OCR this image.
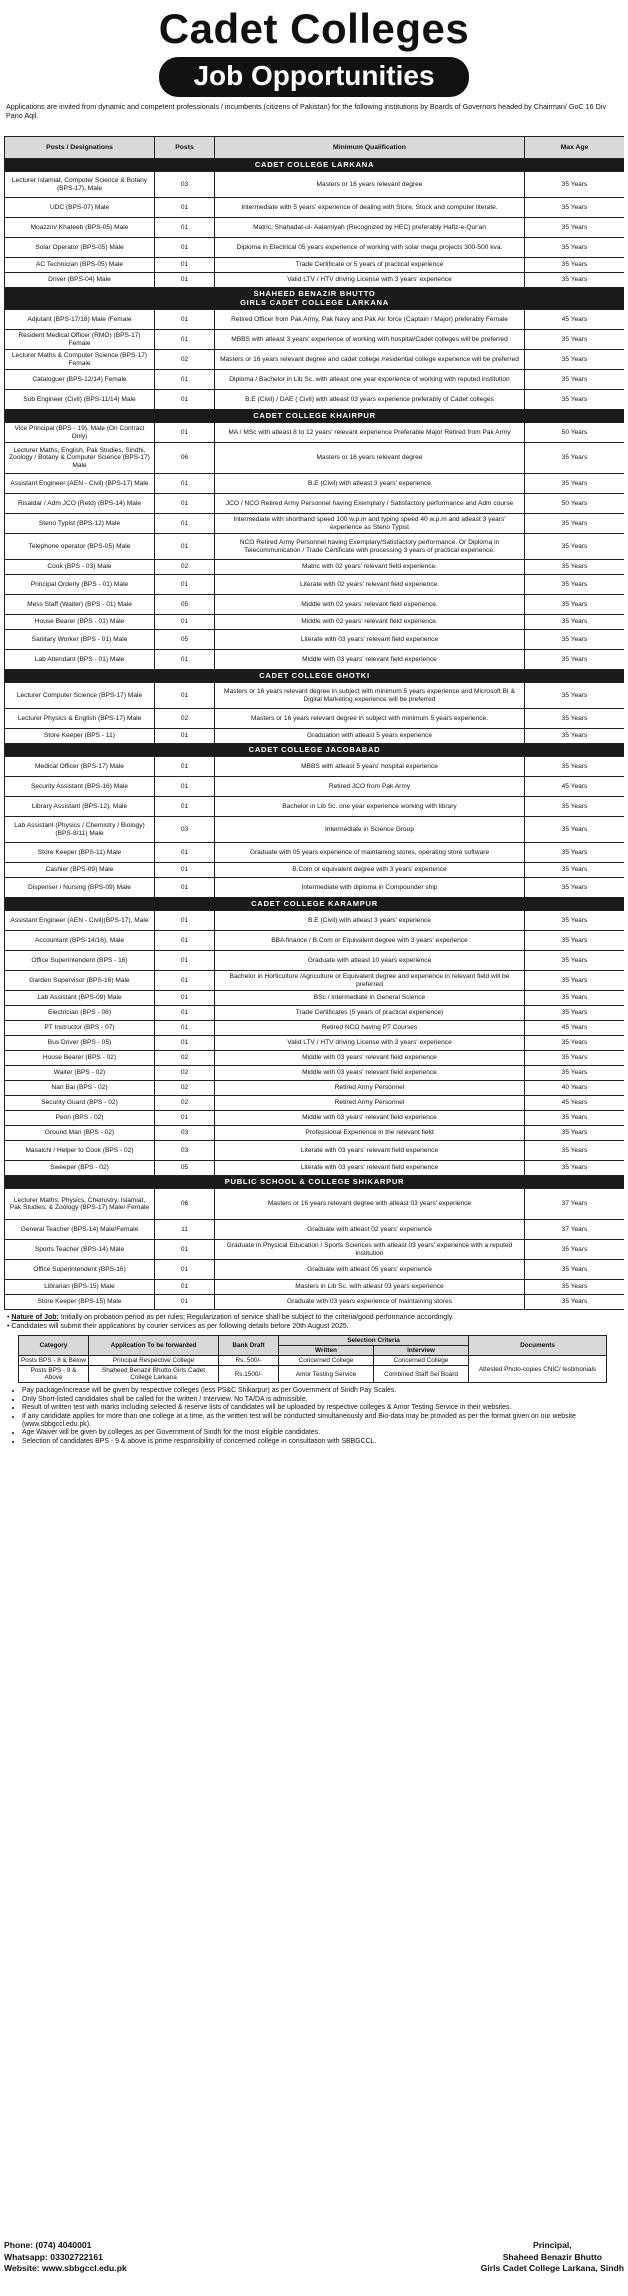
Cadet Colleges
Job Opportunities
Applications are invited from dynamic and competent professionals / incumbents (citizens of Pakistan) for the following institutions by Boards of Governors headed by Chairman/ GoC 16 Div Pano Aqil.
Posts / Designations	Posts	Minimum Qualification	Max Age

CADET COLLEGE LARKANA			

Lecturer Islamiat, Computer Science & Botany (BPS-17), Male	03	Masters or 16 years relevant degree	35 Years
UDC (BPS-07) Male	01	Intermediate with 5 years' experience of dealing with Store, Stock and computer literate.	35 Years
Moazzin/ Khateeb (BPS-05) Male	01	Matric, Shahadat-ul- Aalamiyah (Recognized by HEC) preferably Hafiz-e-Qur'an	35 Years
Solar Operator (BPS-05) Male	01	Diploma in Electrical 05 years experience of working with solar mega projects 300-500 kva.	35 Years
AC Technician (BPS-05) Male	01	Trade Certificate or 5 years of practical experience	35 Years
Driver (BPS-04) Male	01	Valid LTV / HTV driving License with 3 years' experience	35 Years

SHAHEED BENAZIR BHUTTO
GIRLS CADET COLLEGE LARKANA			

Adjutant (BPS-17/18) Male /Female	01	Retired Officer from Pak Army, Pak Navy and Pak Air force (Captain / Major) preferably Female	45 Years
Resident Medical Officer (RMO) (BPS-17) Female	01	MBBS with atleast 3 years' experience of working with hospital/Cadet colleges will be preferred	35 Years
Lecturer Maths & Computer Science (BPS-17) Female	02	Masters or 16 years relevant degree and cadet college /residential college experience will be preferred	35 Years
Cataloguer (BPS-12/14) Female	01	Diploma / Bachelor in Lib Sc. with atleast one year experience of working with reputed institution	35 Years
Sub Engineer (Civil) (BPS-11/14) Male	01	B.E (Civil) / DAE ( Civil) with atleast 03 years experience preferably of Cadet colleges	35 Years

CADET COLLEGE KHAIRPUR			

Vice Principal (BPS - 19), Male (On Contract Only)	01	MA / MSc with atleast 8 to 12 years' relevant experience Preferable Major Retired from Pak Army	50 Years
Lecturer Maths, English, Pak Studies, Sindhi, Zoology / Botany & Computer Science (BPS-17) Male	06	Masters or 16 years relevant degree	35 Years
Assistant Engineer (AEN - Civil) (BPS-17) Male	01	B.E (Civil) with atleast 3 years' experience	35 Years
Risaldar / Adm JCO (Retd) (BPS-14) Male	01	JCO / NCO Retired Army Personnel having Exemplary / Satisfactory performance and Adm course	50 Years
Steno Typist (BPS-12) Male	01	Intermediate with shorthand speed 100 w.p.m and typing speed 40 w.p.m and atleast 3 years' experience as Steno Typist	35 Years
Telephone operator (BPS-05) Male	01	NCO Retired Army Personnel having Exemplary/Satisfactory performance. Or Diploma in Telecommunication / Trade Certificate with processing 3 years of practical experience.	35 Years
Cook (BPS - 03) Male	02	Matric with 02 years' relevant field experience.	35 Years
Principal Orderly (BPS - 01) Male	01	Literate with 02 years' relevant field experience.	35 Years
Mess Staff (Waiter) (BPS - 01) Male	05	Middle with 02 years' relevant field experience.	35 Years
House Bearer (BPS - 01) Male	01	Middle with 02 years' relevant field experience.	35 Years
Sanitary Worker (BPS - 01) Male	05	Literate with 03 years' relevant field experience	35 Years
Lab Attendant (BPS - 01) Male	01	Middle with 03 years' relevant field experience	35 Years

CADET COLLEGE GHOTKI			

Lecturer Computer Science (BPS-17) Male	01	Masters or 16 years relevant degree in subject with minimum 5 years experience and Microsoft BI & Digital Marketing experience will be preferred	35 Years
Lecturer Physics & English (BPS-17) Male	02	Masters or 16 years relevant degree in subject with minimum 5 years experience.	35 Years
Store Keeper (BPS - 11)	01	Graduation with atleast 5 years experience	35 Years

CADET COLLEGE JACOBABAD			

Medical Officer (BPS-17) Male	01	MBBS with atleast 5 years' hospital experience	35 Years
Security Assistant (BPS-16) Male	01	Retired JCO from Pak Army	45 Years
Library Assistant (BPS-12), Male	01	Bachelor in Lib Sc. one year experience working with library	35 Years
Lab Assistant (Physics / Chemistry / Biology) (BPS-8/11) Male	03	Intermediate in Science Group	35 Years
Store Keeper (BPS-11) Male	01	Graduate with 05 years experience of maintaining stores, operating store software	35 Years
Cashier (BPS-09) Male	01	B.Com or equivalent degree with 3 years' experience	35 Years
Dispenser / Nursing (BPS-09) Male	01	Intermediate with diploma in Compounder ship	35 Years

CADET COLLEGE KARAMPUR			

Assistant Engineer (AEN - Civil)(BPS-17), Male	01	B.E (Civil) with atleast 3 years' experience	35 Years
Accountant (BPS-14/16), Male	01	BBA finance / B.Com or Equivalent degree with 3 years' experience	35 Years
Office Superintendent (BPS - 16)	01	Graduate with atleast 10 years experience	35 Years
Garden Supervisor (BPS-16) Male	01	Bachelor in Horticulture /Agriculture or Equivalent degree and experience in relevant field will be preferred	35 Years
Lab Assistant (BPS-09) Male	01	BSc / intermediate in General Science	35 Years
Electrician (BPS - 08)	01	Trade Certificates (5 years of practical experience)	35 Years
PT Instructor (BPS - 07)	01	Retired NCO having PT Courses	45 Years
Bus Driver (BPS - 05)	01	Valid LTV / HTV driving License with 3 years' experience	35 Years
House Bearer (BPS - 02)	02	Middle with 03 years' relevant field experience	35 Years
Waiter (BPS - 02)	02	Middle with 03 years' relevant field experience	35 Years
Nan Bai (BPS - 02)	02	Retired Army Personnel	40 Years
Security Guard (BPS - 02)	02	Retired Army Personnel	45 Years
Peon (BPS - 02)	01	Middle with 03 years' relevant field experience	35 Years
Ground Man (BPS - 02)	03	Professional Experience in the relevant field	35 Years
Masalchi / Helper to Cook (BPS - 02)	03	Literate with 03 years' relevant field experience	35 Years
Sweeper (BPS - 02)	05	Literate with 03 years' relevant field experience	35 Years

PUBLIC SCHOOL & COLLEGE SHIKARPUR			

Lecturer Maths, Physics, Chemistry, Islamiat, Pak Studies, & Zoology (BPS-17) Male/ Female	06	Masters or 16 years relevant degree with atleast 03 years' experience	37 Years
General Teacher (BPS-14) Male/Female	11	Graduate with atleast 02 years' experience	37 Years
Sports Teacher (BPS-14) Male	01	Graduate in Physical Education / Sports Sciences with atleast 03 years' experience with a reputed institution	35 Years
Office Superintendent (BPS-16)	01	Graduate with atleast 05 years' experience	35 Years
Librarian (BPS-15) Male	01	Masters in Lib Sc. with atleast 03 years experience	35 Years
Store Keeper (BPS-15) Male	01	Graduate with 03 years experience of maintaining stores	35 Years
• Nature of Job: Initially on probation period as per rules; Regularization of service shall be subject to the criteria/good performance accordingly.
• Candidates will submit their applications by courier services as per following details before 20th August 2025.
Category	Application To be forwarded	Bank Draft	Selection Criteria		Documents
			Written	Interview	
Posts BPS - 8 & Below	Principal Respective College	Rs. 500/-	Concerned College	Concerned College	Attested Photo-copies CNIC/ testimonials
Posts BPS - 9 & Above	Shaheed Benazir Bhutto Girls Cadet College Larkana	Rs.1500/-	Amor Testing Service	Combined Staff Sel Board	
• Pay package/increase will be given by respective colleges (less PS&C Shikarpur) as per Government of Sindh Pay Scales.
• Only Short-listed candidates shall be called for the written / Interview. No TA/DA is admissible.
• Result of written test with marks including selected & reserve lists of candidates will be uploaded by respective colleges & Amor Testing Service in their websites.
• If any candidate applies for more than one college at a time, as the written test will be conducted simultaneously and Bio-data may be provided as per the format given on our website (www.sbbgccl.edu.pk).
• Age Waiver will be given by colleges as per Government of Sindh for the most eligible candidates.
• Selection of candidates BPS - 9 & above is prime responsibility of concerned college in consultation with SBBGCCL.
Phone: (074) 4040001
Whatsapp: 03302722161
Website: www.sbbgccl.edu.pk
Principal,
Shaheed Benazir Bhutto
Girls Cadet College Larkana, Sindh
